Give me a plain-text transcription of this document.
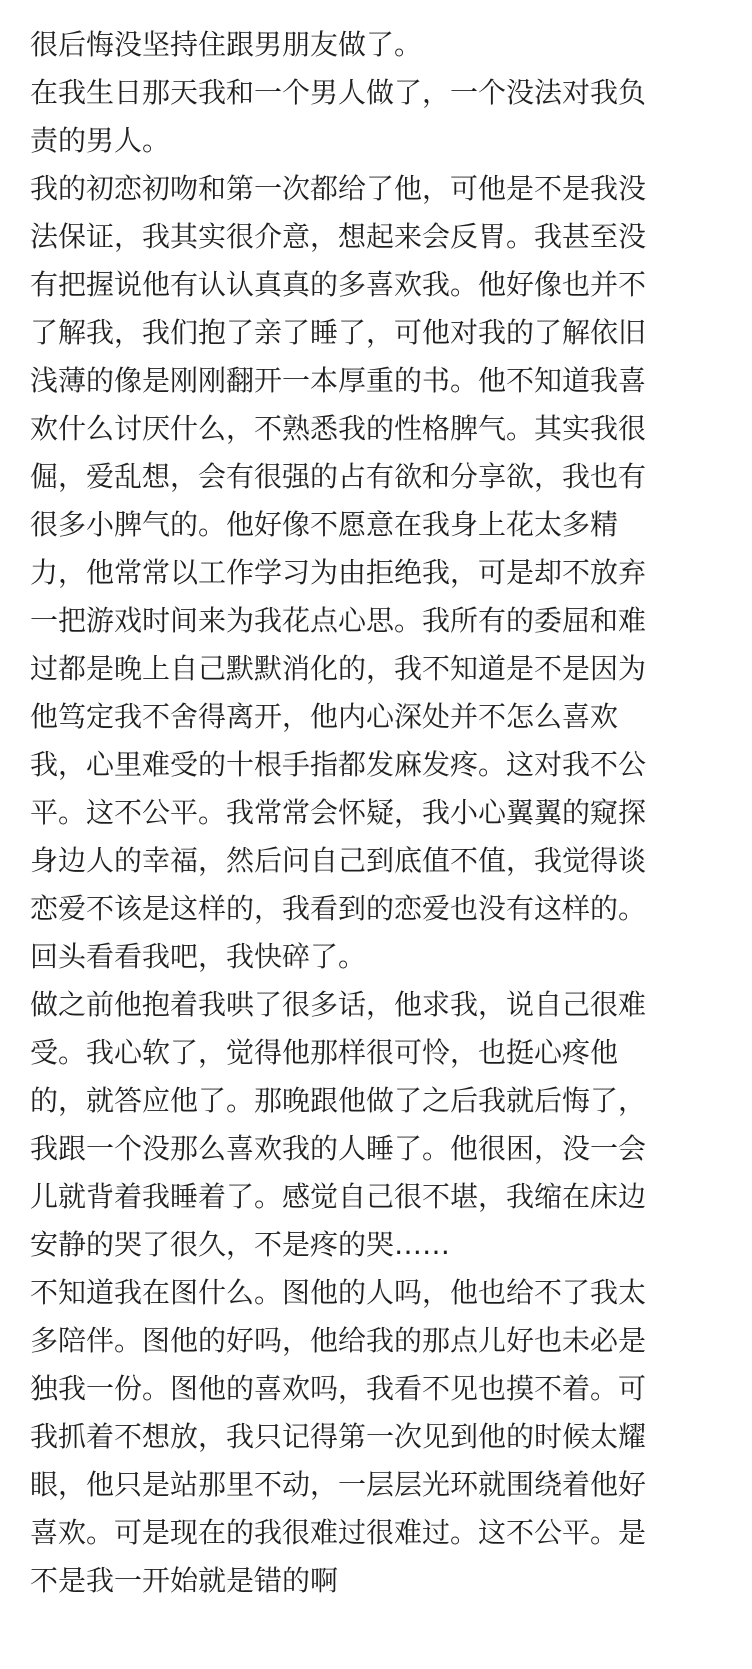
很后悔没坚持住跟男朋友做了。
在我生日那天我和一个男人做了，一个没法对我负
责的男人。
我的初恋初吻和第一次都给了他，可他是不是我没
法保证，我其实很介意，想起来会反胃。我甚至没
有把握说他有认认真真的多喜欢我。他好像也并不
了解我，我们抱了亲了睡了，可他对我的了解依旧
浅薄的像是刚刚翻开一本厚重的书。他不知道我喜
欢什么讨厌什么，不熟悉我的性格脾气。其实我很
倔，爱乱想，会有很强的占有欲和分享欲，我也有
很多小脾气的。他好像不愿意在我身上花太多精
力，他常常以工作学习为由拒绝我，可是却不放弃
一把游戏时间来为我花点心思。我所有的委屈和难
过都是晚上自己默默消化的，我不知道是不是因为
他笃定我不舍得离开，他内心深处并不怎么喜欢
我，心里难受的十根手指都发麻发疼。这对我不公
平。这不公平。我常常会怀疑，我小心翼翼的窥探
身边人的幸福，然后问自己到底值不值，我觉得谈
恋爱不该是这样的，我看到的恋爱也没有这样的。
回头看看我吧，我快碎了。
做之前他抱着我哄了很多话，他求我，说自己很难
受。我心软了，觉得他那样很可怜，也挺心疼他
的，就答应他了。那晚跟他做了之后我就后悔了，
我跟一个没那么喜欢我的人睡了。他很困，没一会
儿就背着我睡着了。感觉自己很不堪，我缩在床边
安静的哭了很久，不是疼的哭……
不知道我在图什么。图他的人吗，他也给不了我太
多陪伴。图他的好吗，他给我的那点儿好也未必是
独我一份。图他的喜欢吗，我看不见也摸不着。可
我抓着不想放，我只记得第一次见到他的时候太耀
眼，他只是站那里不动，一层层光环就围绕着他好
喜欢。可是现在的我很难过很难过。这不公平。是
不是我一开始就是错的啊
